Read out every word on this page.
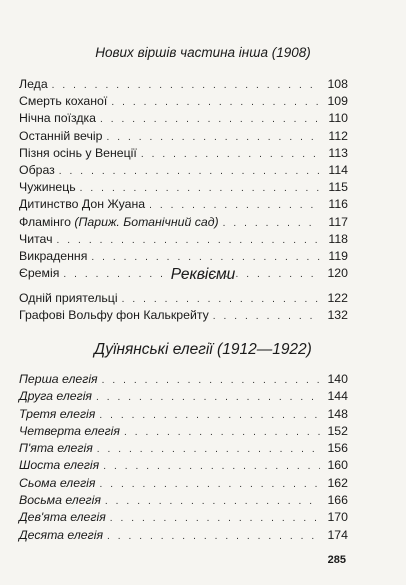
Нових віршів частина інша (1908)
Леда . . .	108
Смерть коханої . . .	109
Нічна поїздка . . .	110
Останній вечір . . .	112
Пізня осінь у Венеції . . .	113
Образ . . .	114
Чужинець . . .	115
Дитинство Дон Жуана . . .	116
Фламінго (Париж. Ботанічний сад) . . .	117
Читач . . .	118
Викрадення . . .	119
Єремія . . .	120
Реквієми
Одній приятельці . . .	122
Графові Вольфу фон Калькрейту . . .	132
Дуїнянські елегії (1912—1922)
Перша елегія . . .	140
Друга елегія . . .	144
Третя елегія . . .	148
Четверта елегія . . .	152
П'ята елегія . . .	156
Шоста елегія . . .	160
Сьома елегія . . .	162
Восьма елегія . . .	166
Дев'ята елегія . . .	170
Десята елегія . . .	174
285
